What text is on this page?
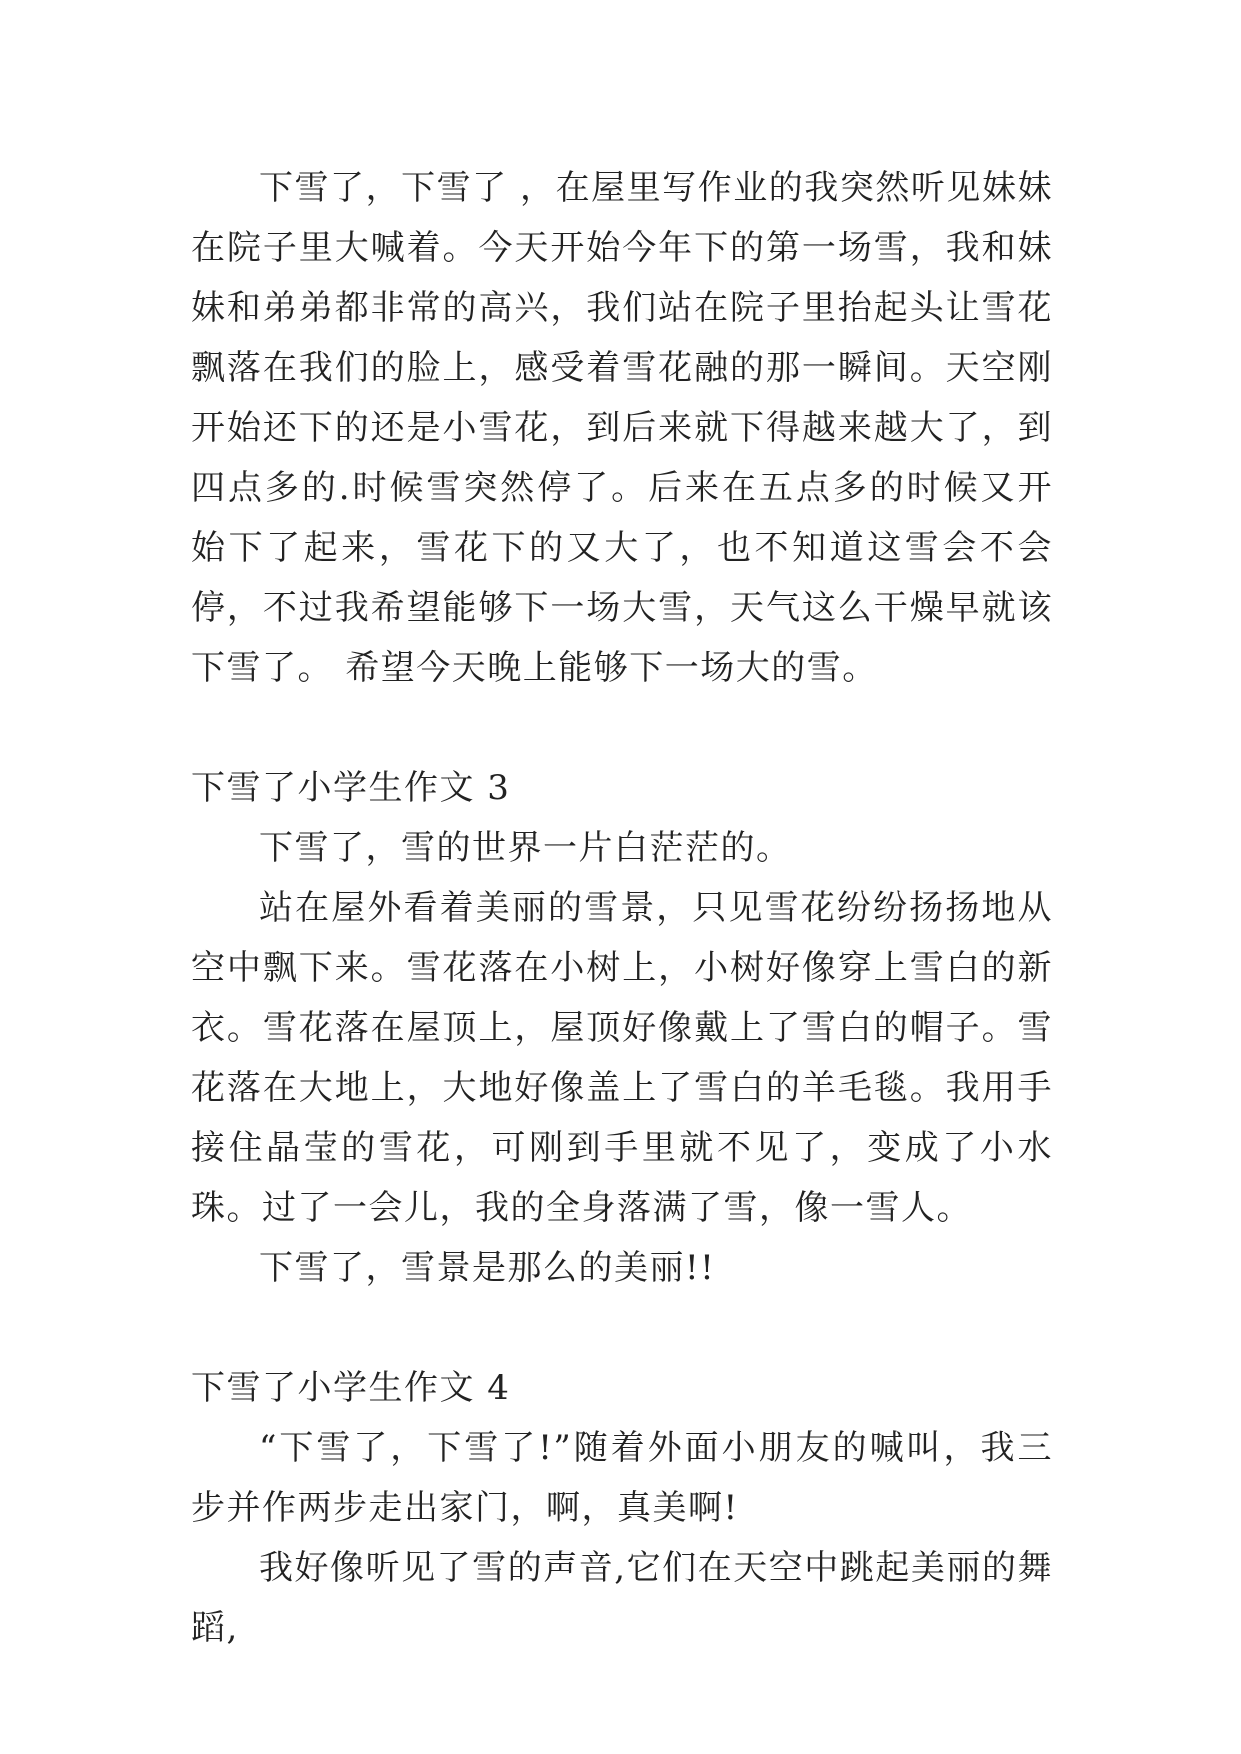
下雪了，下雪了 ，在屋里写作业的我突然听见妹妹在院子里大喊着。今天开始今年下的第一场雪，我和妹妹和弟弟都非常的高兴，我们站在院子里抬起头让雪花飘落在我们的脸上，感受着雪花融的那一瞬间。天空刚开始还下的还是小雪花，到后来就下得越来越大了，到四点多的.时候雪突然停了。后来在五点多的时候又开始下了起来，雪花下的又大了，也不知道这雪会不会停，不过我希望能够下一场大雪，天气这么干燥早就该下雪了。 希望今天晚上能够下一场大的雪。

下雪了小学生作文 3

下雪了，雪的世界一片白茫茫的。

站在屋外看着美丽的雪景，只见雪花纷纷扬扬地从空中飘下来。雪花落在小树上，小树好像穿上雪白的新衣。雪花落在屋顶上，屋顶好像戴上了雪白的帽子。雪花落在大地上，大地好像盖上了雪白的羊毛毯。我用手接住晶莹的雪花，可刚到手里就不见了，变成了小水珠。过了一会儿，我的全身落满了雪，像一雪人。

下雪了，雪景是那么的美丽!!

下雪了小学生作文 4

“下雪了，下雪了!”随着外面小朋友的喊叫，我三步并作两步走出家门，啊，真美啊!

我好像听见了雪的声音,它们在天空中跳起美丽的舞蹈,
